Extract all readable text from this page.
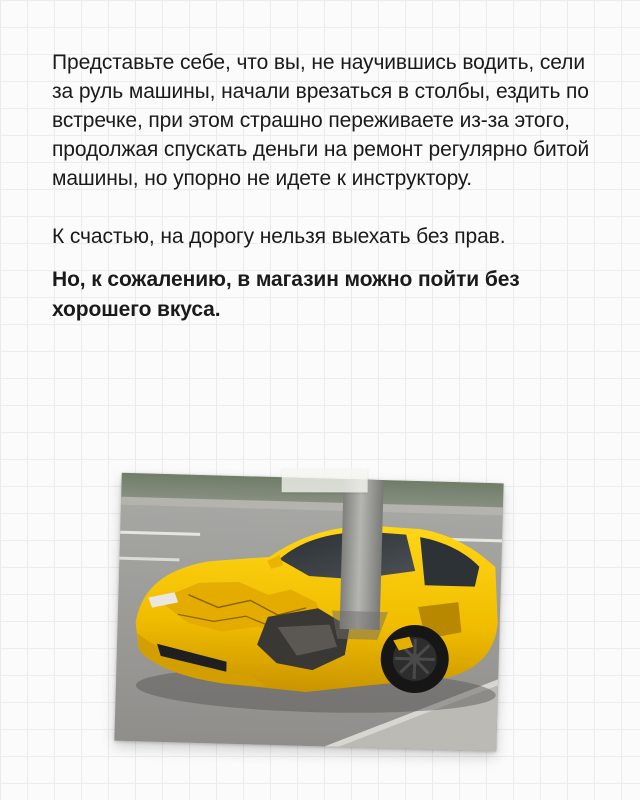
Представьте себе, что вы, не научившись водить, сели за руль машины, начали врезаться в столбы, ездить по встречке, при этом страшно переживаете из-за этого, продолжая спускать деньги на ремонт регулярно битой машины, но упорно не идете к инструктору.

К счастью, на дорогу нельзя выехать без прав.

Но, к сожалению, в магазин можно пойти без хорошего вкуса.
